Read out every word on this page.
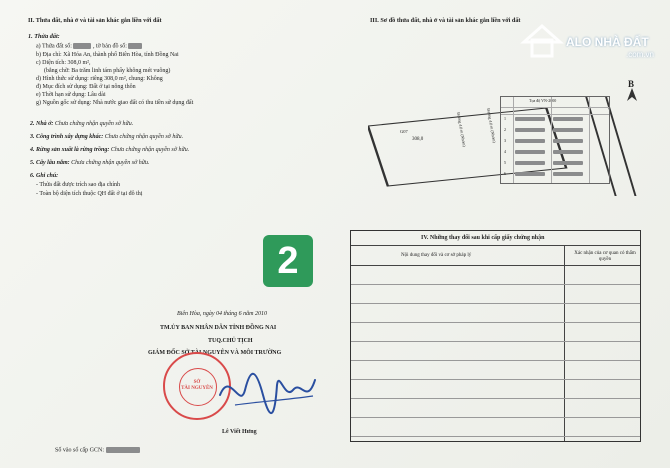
II. Thửa đất, nhà ở và tài sản khác gắn liền với đất
1. Thửa đất:
a) Thửa đất số:	, tờ bản đồ số:
b) Địa chỉ: Xã Hóa An, thành phố Biên Hòa, tỉnh Đồng Nai
c) Diện tích: 308,0 m²,
(bằng chữ: Ba trăm linh tám phẩy không mét vuông)
d) Hình thức sử dụng: riêng 308,0 m², chung: Không
đ) Mục đích sử dụng: Đất ở tại nông thôn
e) Thời hạn sử dụng: Lâu dài
g) Nguồn gốc sử dụng: Nhà nước giao đất có thu tiền sử dụng đất
2. Nhà ở: Chưa chứng nhận quyền sở hữu.
3. Công trình xây dựng khác: Chưa chứng nhận quyền sở hữu.
4. Rừng sản xuất là rừng trồng: Chưa chứng nhận quyền sở hữu.
5. Cây lâu năm: Chưa chứng nhận quyền sở hữu.
6. Ghi chú:
- Thửa đất được trích sao địa chính
- Toàn bộ diện tích thuộc QH đất ở tại đô thị
2
Biên Hòa, ngày 04 tháng 6 năm 2010
TM.ỦY BAN NHÂN DÂN TỈNH ĐỒNG NAI
TUQ.CHỦ TỊCH
GIÁM ĐỐC SỞ TÀI NGUYÊN VÀ MÔI TRƯỜNG
SỞ
TÀI NGUYÊN
Lê Viết Hưng
Số vào sổ cấp GCN:
III. Sơ đồ thửa đất, nhà ở và tài sản khác gắn liền với đất
B
308,0
G07	Đường 4,0 m (Nhóm)	Đường 4,0 m (Nhóm)
Tọa độ VN-2000
1
2
3
4
5
6
IV. Những thay đổi sau khi cấp giấy chứng nhận
Nội dung thay đổi và cơ sở pháp lý	Xác nhận của cơ quan có thẩm quyền
ALO NHÀ ĐẤT
.com.vn
